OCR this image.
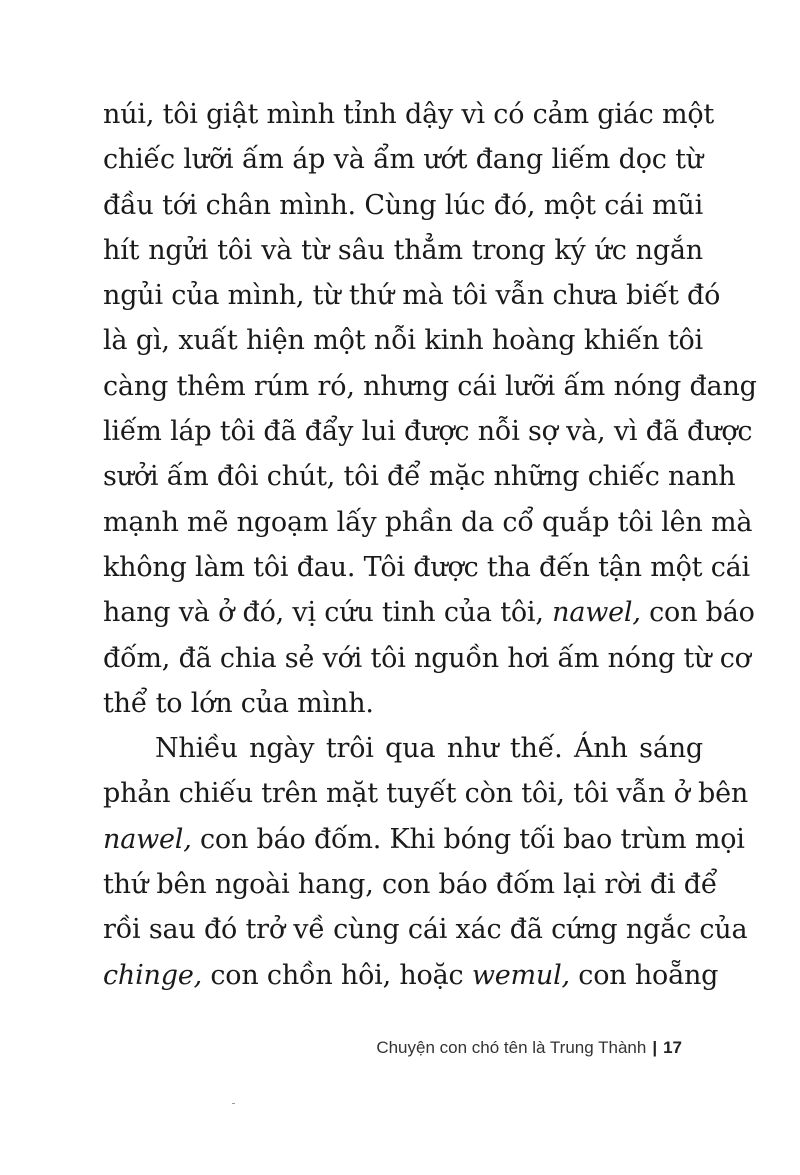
núi, tôi giật mình tỉnh dậy vì có cảm giác một
chiếc lưỡi ấm áp và ẩm ướt đang liếm dọc từ
đầu tới chân mình. Cùng lúc đó, một cái mũi
hít ngửi tôi và từ sâu thẳm trong ký ức ngắn
ngủi của mình, từ thứ mà tôi vẫn chưa biết đó
là gì, xuất hiện một nỗi kinh hoàng khiến tôi
càng thêm rúm ró, nhưng cái lưỡi ấm nóng đang
liếm láp tôi đã đẩy lui được nỗi sợ và, vì đã được
sưởi ấm đôi chút, tôi để mặc những chiếc nanh
mạnh mẽ ngoạm lấy phần da cổ quắp tôi lên mà
không làm tôi đau. Tôi được tha đến tận một cái
hang và ở đó, vị cứu tinh của tôi, nawel, con báo
đốm, đã chia sẻ với tôi nguồn hơi ấm nóng từ cơ
thể to lớn của mình.
Nhiều ngày trôi qua như thế. Ánh sáng
phản chiếu trên mặt tuyết còn tôi, tôi vẫn ở bên
nawel, con báo đốm. Khi bóng tối bao trùm mọi
thứ bên ngoài hang, con báo đốm lại rời đi để
rồi sau đó trở về cùng cái xác đã cứng ngắc của
chinge, con chồn hôi, hoặc wemul, con hoẵng
Chuyện con chó tên là Trung Thành | 17
